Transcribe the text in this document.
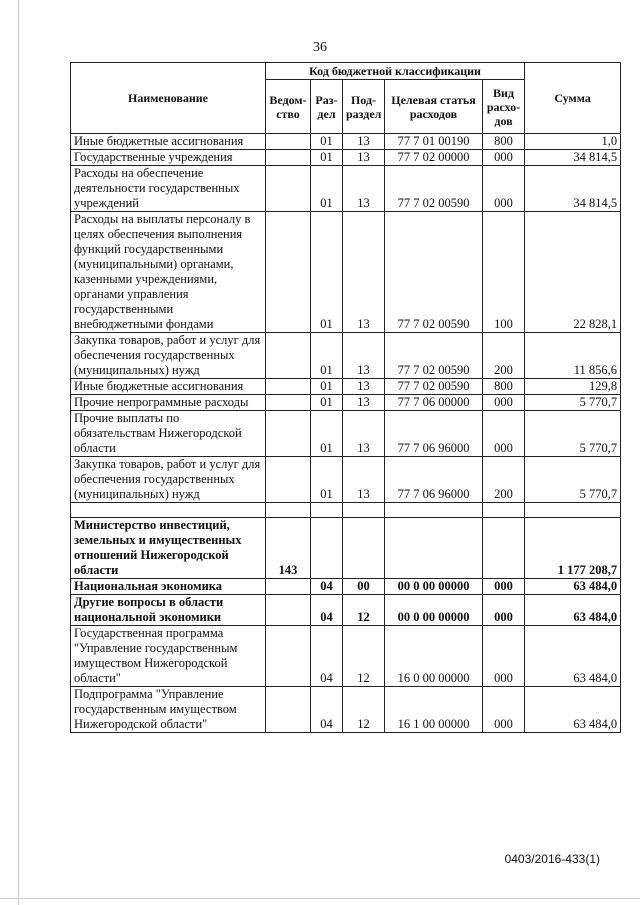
36
Наименование	Код бюджетной классификации					Сумма
	Ведом-ство	Раз-дел	Под-раздел	Целевая статья расходов	Вид расхо-дов	
Иные бюджетные ассигнования		01	13	77 7 01 00190	800	1,0
Государственные учреждения		01	13	77 7 02 00000	000	34 814,5
Расходы на обеспечение деятельности государственных учреждений		01	13	77 7 02 00590	000	34 814,5
Расходы на выплаты персоналу в целях обеспечения выполнения функций государственными (муниципальными) органами, казенными учреждениями, органами управления государственными внебюджетными фондами		01	13	77 7 02 00590	100	22 828,1
Закупка товаров, работ и услуг для обеспечения государственных (муниципальных) нужд		01	13	77 7 02 00590	200	11 856,6
Иные бюджетные ассигнования		01	13	77 7 02 00590	800	129,8
Прочие непрограммные расходы		01	13	77 7 06 00000	000	5 770,7
Прочие выплаты по обязательствам Нижегородской области		01	13	77 7 06 96000	000	5 770,7
Закупка товаров, работ и услуг для обеспечения государственных (муниципальных) нужд		01	13	77 7 06 96000	200	5 770,7

Министерство инвестиций, земельных и имущественных отношений Нижегородской области	143					1 177 208,7
Национальная экономика		04	00	00 0 00 00000	000	63 484,0
Другие вопросы в области национальной экономики		04	12	00 0 00 00000	000	63 484,0
Государственная программа "Управление государственным имуществом Нижегородской области"		04	12	16 0 00 00000	000	63 484,0
Подпрограмма "Управление государственным имуществом Нижегородской области"		04	12	16 1 00 00000	000	63 484,0
0403/2016-433(1)
